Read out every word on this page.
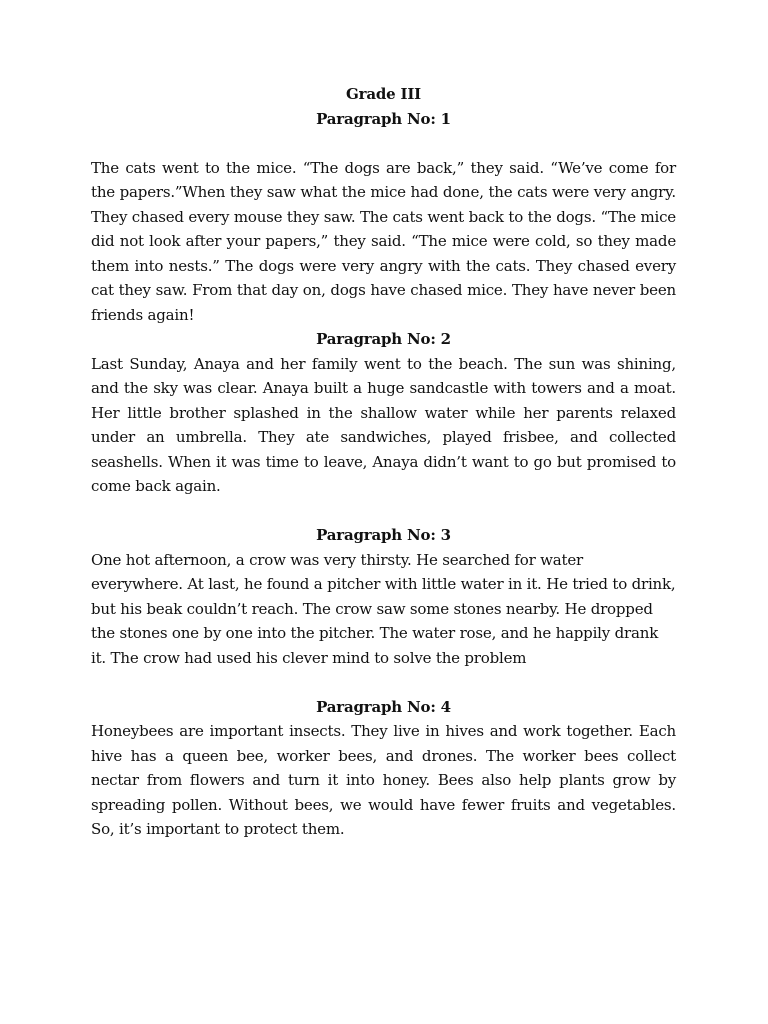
Grade III

Paragraph No: 1

The cats went to the mice. “The dogs are back,” they said. “We’ve come for the papers.”When they saw what the mice had done, the cats were very angry. They chased every mouse they saw. The cats went back to the dogs. “The mice did not look after your papers,” they said. “The mice were cold, so they made them into nests.” The dogs were very angry with the cats. They chased every cat they saw. From that day on, dogs have chased mice. They have never been friends again!

Paragraph No: 2

Last Sunday, Anaya and her family went to the beach. The sun was shining, and the sky was clear. Anaya built a huge sandcastle with towers and a moat. Her little brother splashed in the shallow water while her parents relaxed under an umbrella. They ate sandwiches, played frisbee, and collected seashells. When it was time to leave, Anaya didn’t want to go but promised to come back again.

Paragraph No: 3

One hot afternoon, a crow was very thirsty. He searched for water everywhere. At last, he found a pitcher with little water in it. He tried to drink, but his beak couldn’t reach. The crow saw some stones nearby. He dropped the stones one by one into the pitcher. The water rose, and he happily drank it. The crow had used his clever mind to solve the problem

Paragraph No: 4

Honeybees are important insects. They live in hives and work together. Each hive has a queen bee, worker bees, and drones. The worker bees collect nectar from flowers and turn it into honey. Bees also help plants grow by spreading pollen. Without bees, we would have fewer fruits and vegetables. So, it’s important to protect them.
